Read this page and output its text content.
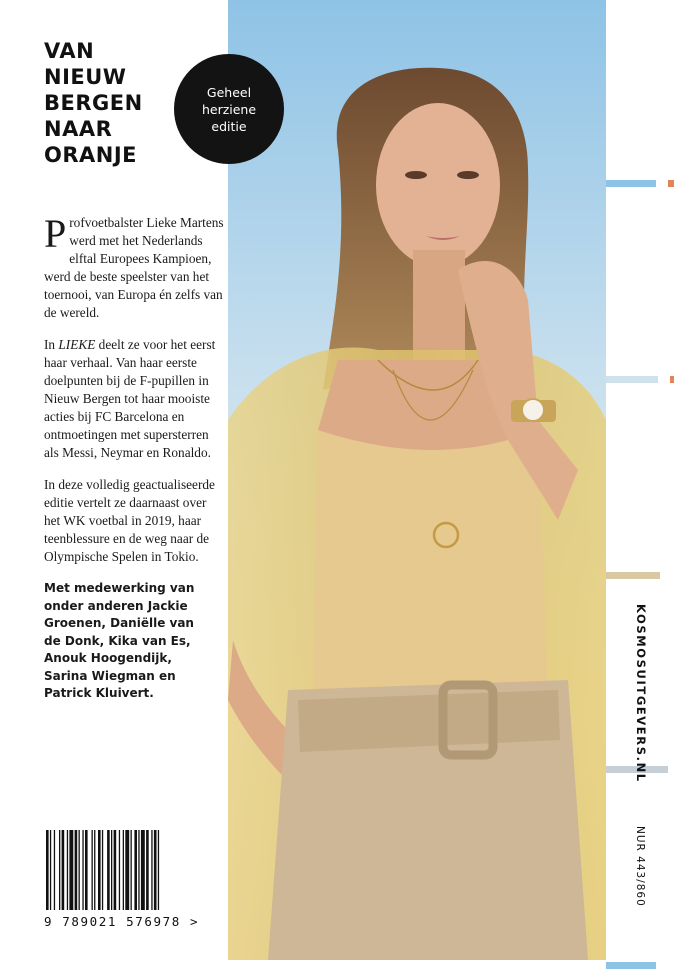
VAN
NIEUW
BERGEN
NAAR
ORANJE

Profvoetbalster Lieke Martens werd met het Nederlands elftal Europees Kampioen, werd de beste speelster van het toernooi, van Europa én zelfs van de wereld.

In LIEKE deelt ze voor het eerst haar verhaal. Van haar eerste doelpunten bij de F-pupillen in Nieuw Bergen tot haar mooiste acties bij FC Barcelona en ontmoetingen met supersterren als Messi, Neymar en Ronaldo.

In deze volledig geactualiseerde editie vertelt ze daarnaast over het WK voetbal in 2019, haar teenblessure en de weg naar de Olympische Spelen in Tokio.

Met medewerking van
onder anderen Jackie
Groenen, Daniëlle van
de Donk, Kika van Es,
Anouk Hoogendijk,
Sarina Wiegman en
Patrick Kluivert.

9 789021 576978 >
Geheel
herziene
editie
KOSMOSUITGEVERS.NL
NUR 443/860
